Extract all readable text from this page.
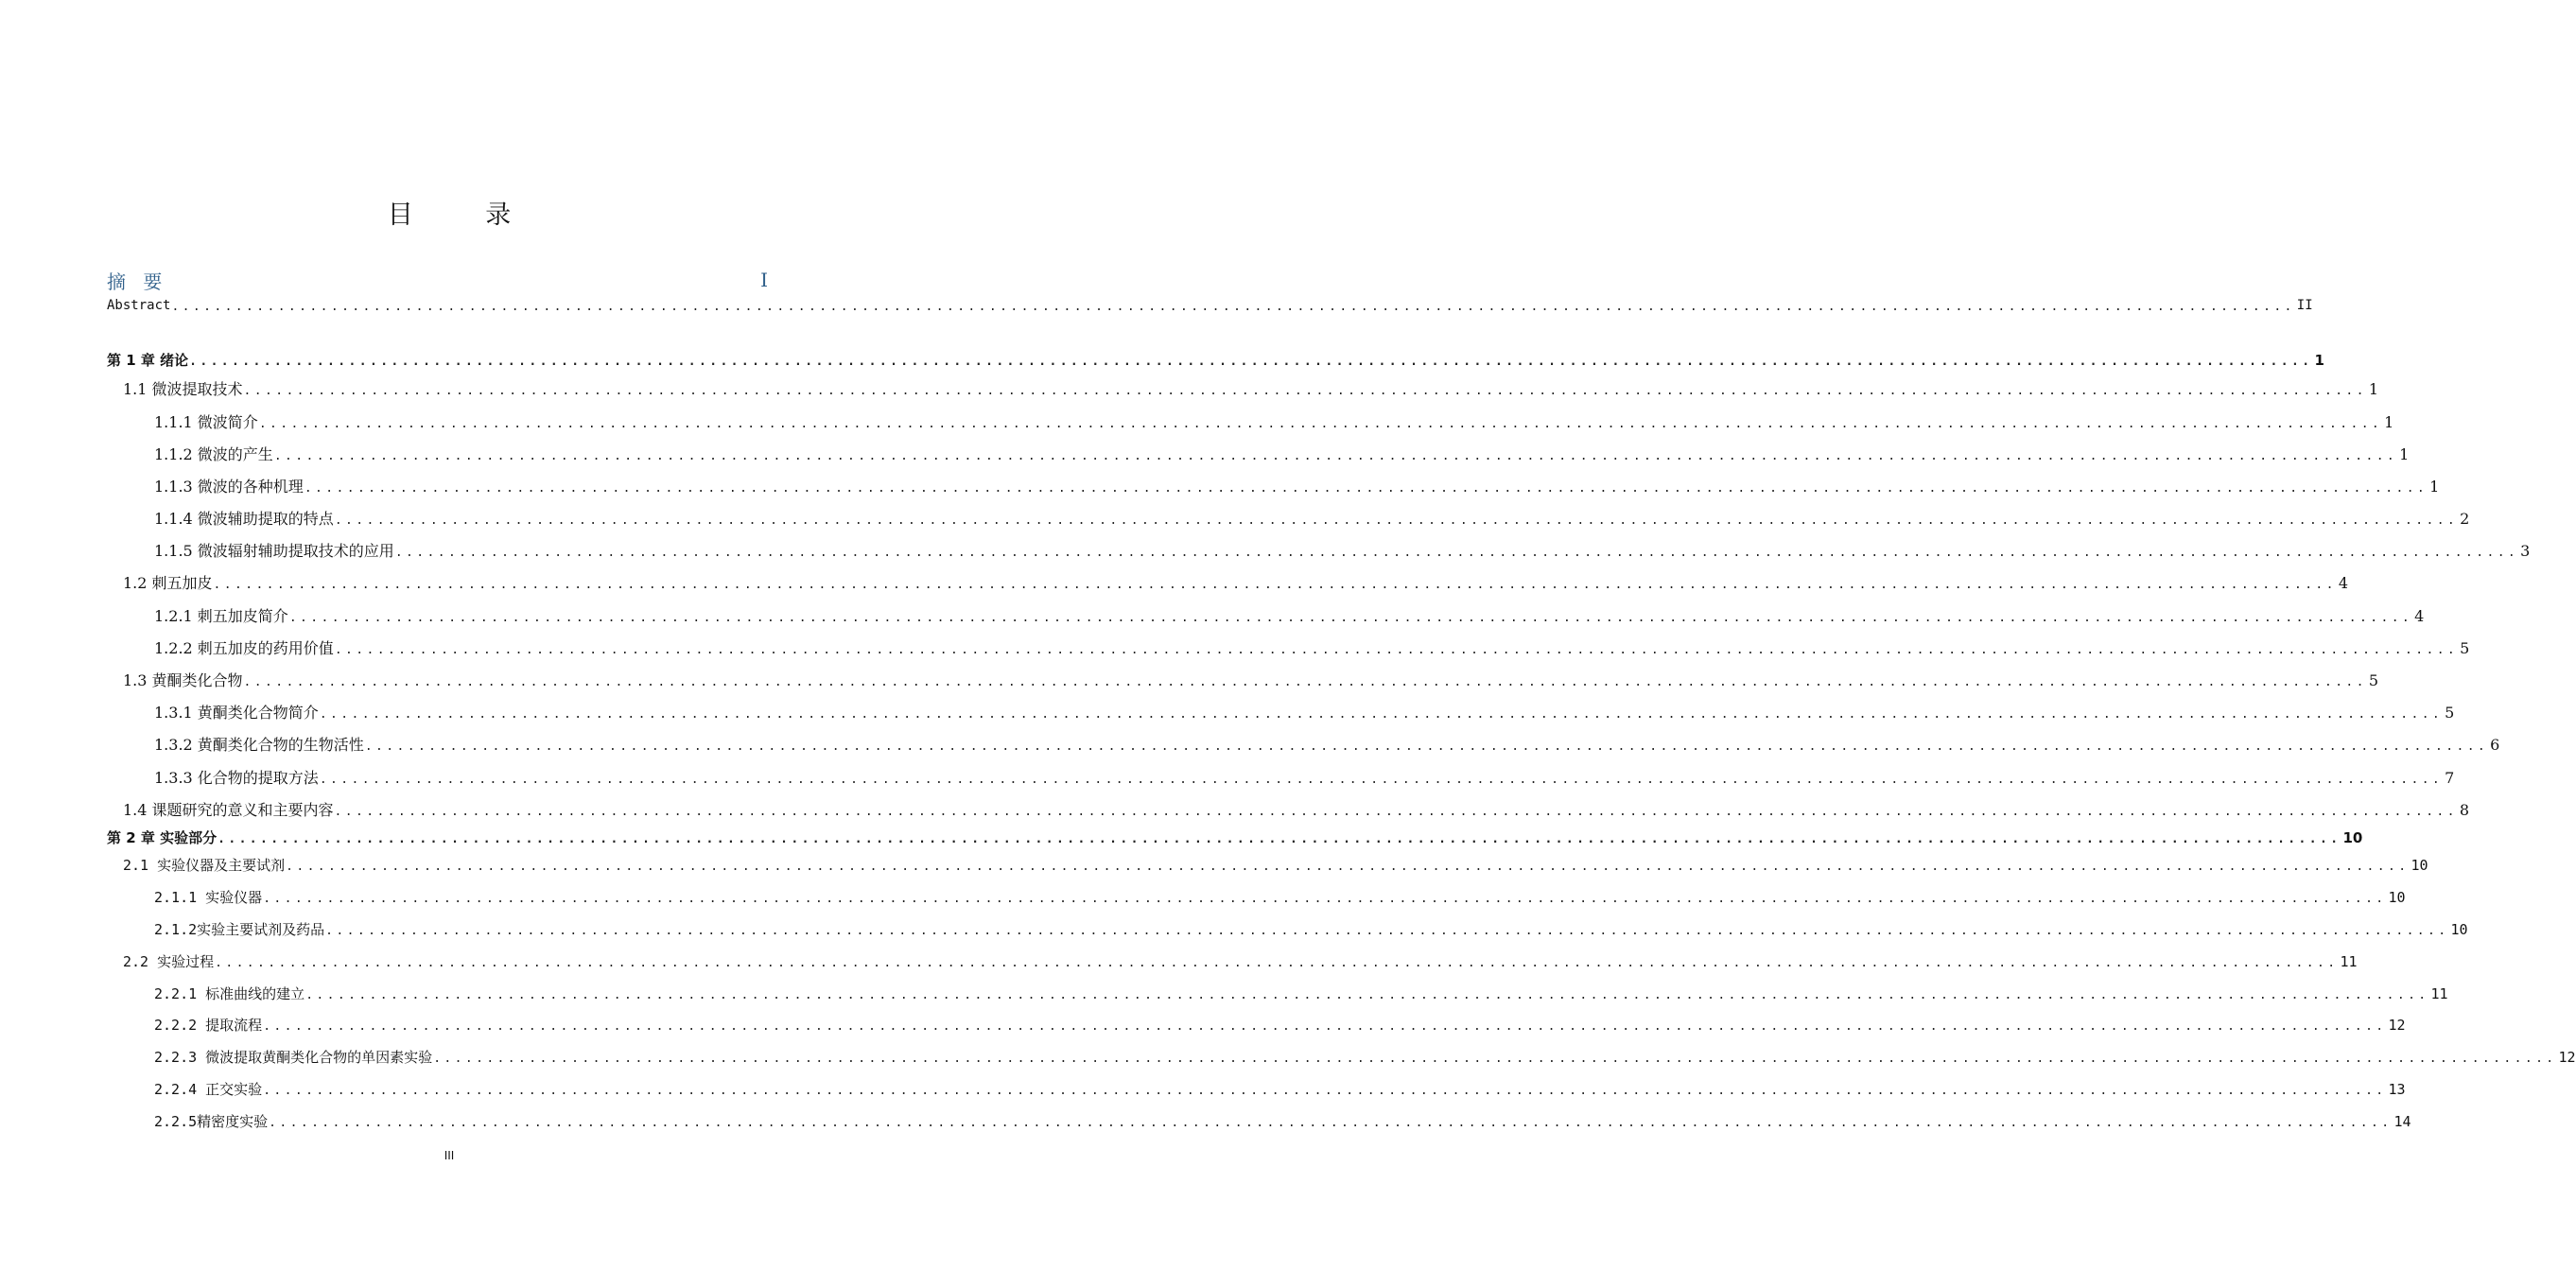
目 录
摘 要	I
Abstract ........................................................................................................................................................................................................ II
第 1 章 绪论 ........................................................................................................................................................................................................ 1
1.1 微波提取技术 ........................................................................................................................................................................................................ 1
1.1.1 微波简介 ........................................................................................................................................................................................................ 1
1.1.2 微波的产生 ........................................................................................................................................................................................................ 1
1.1.3 微波的各种机理 ........................................................................................................................................................................................................ 1
1.1.4 微波辅助提取的特点 ........................................................................................................................................................................................................ 2
1.1.5 微波辐射辅助提取技术的应用 ........................................................................................................................................................................................................ 3
1.2 刺五加皮 ........................................................................................................................................................................................................ 4
1.2.1 刺五加皮简介 ........................................................................................................................................................................................................ 4
1.2.2 刺五加皮的药用价值 ........................................................................................................................................................................................................ 5
1.3 黄酮类化合物 ........................................................................................................................................................................................................ 5
1.3.1 黄酮类化合物简介 ........................................................................................................................................................................................................ 5
1.3.2 黄酮类化合物的生物活性 ........................................................................................................................................................................................................ 6
1.3.3 化合物的提取方法 ........................................................................................................................................................................................................ 7
1.4 课题研究的意义和主要内容 ........................................................................................................................................................................................................ 8
第 2 章 实验部分 ........................................................................................................................................................................................................ 10
2.1 实验仪器及主要试剂 ........................................................................................................................................................................................................ 10
2.1.1 实验仪器 ........................................................................................................................................................................................................ 10
2.1.2实验主要试剂及药品 ........................................................................................................................................................................................................ 10
2.2 实验过程 ........................................................................................................................................................................................................ 11
2.2.1 标准曲线的建立 ........................................................................................................................................................................................................ 11
2.2.2 提取流程 ........................................................................................................................................................................................................ 12
2.2.3 微波提取黄酮类化合物的单因素实验 ........................................................................................................................................................................................................ 12
2.2.4 正交实验 ........................................................................................................................................................................................................ 13
2.2.5精密度实验 ........................................................................................................................................................................................................ 14
III
